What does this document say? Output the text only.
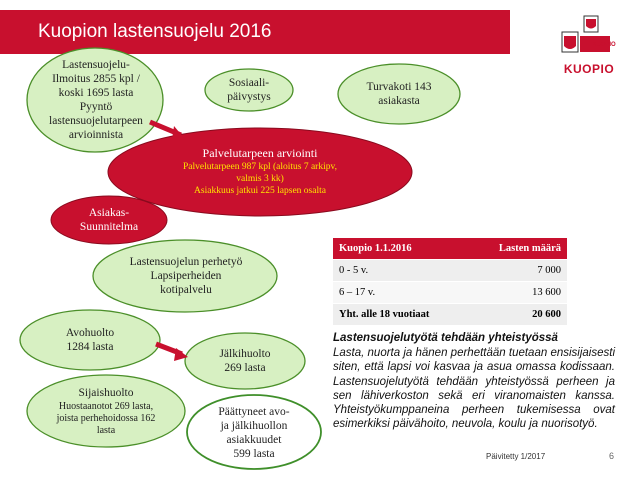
Kuopion lastensuojelu 2016
KUOPIO
KUOPIO
Lastensuojelu-
Ilmoitus 2855 kpl /
koski 1695 lasta
Pyyntö
lastensuojelutarpeen
arvioinnista
Sosiaali-
päivystys
Turvakoti 143
asiakasta
Palvelutarpeen arviointi
Palvelutarpeen 987 kpl (aloitus 7 arkipv,
valmis 3 kk)
Asiakkuus jatkui 225 lapsen osalta
Asiakas-
Suunnitelma
Lastensuojelun perhetyö
Lapsiperheiden
kotipalvelu
Avohuolto
1284 lasta
Jälkihuolto
269 lasta
Sijaishuolto
Huostaanotot 269 lasta,
joista perhehoidossa 162
lasta
Päättyneet avo-
ja jälkihuollon
asiakkuudet
599 lasta
Kuopio 1.1.2016	Lasten määrä
0 - 5 v.	7 000
6 – 17 v.	13 600
Yht. alle 18 vuotiaat	20 600
Lastensuojelutyötä tehdään yhteistyössä
Lasta, nuorta ja hänen perhettään tuetaan ensisijaisesti siten, että lapsi voi kasvaa ja asua omassa kodissaan. Lastensuojelutyötä tehdään yhteistyössä perheen ja sen lähiverkoston sekä eri viranomaisten kanssa. Yhteistyökumppaneina perheen tukemisessa ovat esimerkiksi päivähoito, neuvola, koulu ja nuorisotyö.
Päivitetty 1/2017	6
